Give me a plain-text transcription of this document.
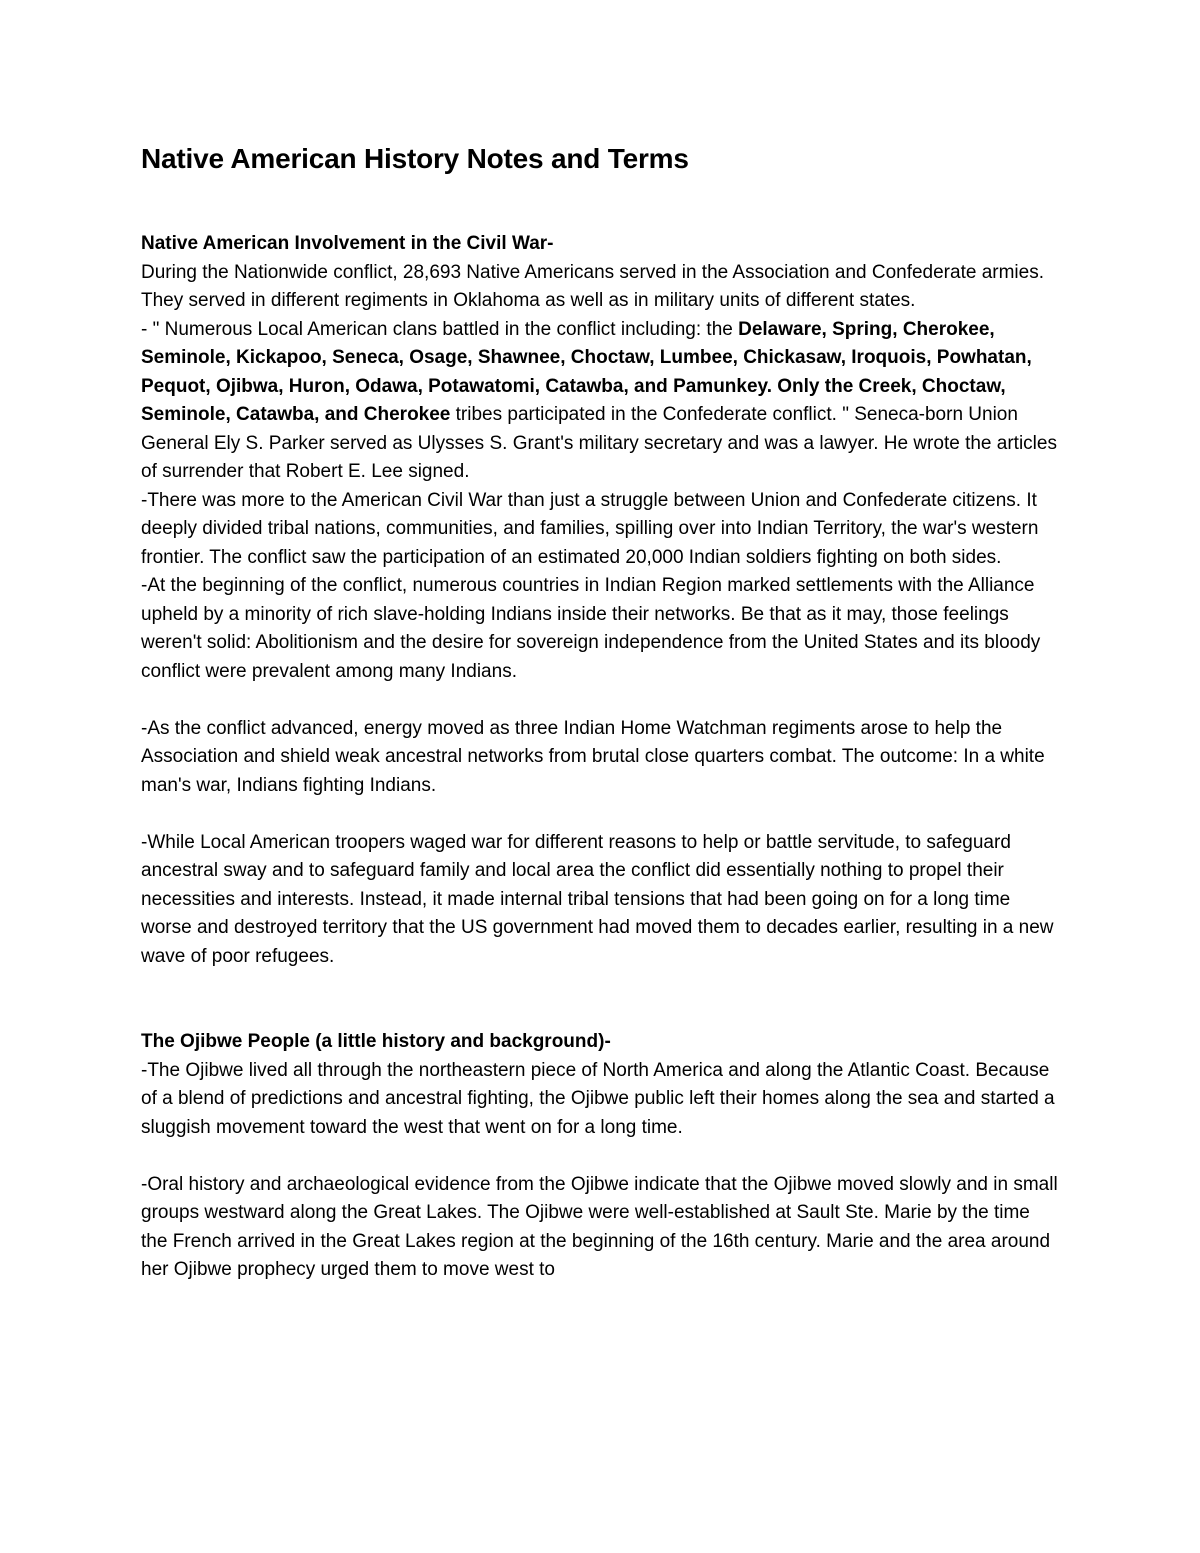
Native American History Notes and Terms

Native American Involvement in the Civil War-

During the Nationwide conflict, 28,693 Native Americans served in the Association and Confederate armies. They served in different regiments in Oklahoma as well as in military units of different states.

- " Numerous Local American clans battled in the conflict including: the Delaware, Spring, Cherokee, Seminole, Kickapoo, Seneca, Osage, Shawnee, Choctaw, Lumbee, Chickasaw, Iroquois, Powhatan, Pequot, Ojibwa, Huron, Odawa, Potawatomi, Catawba, and Pamunkey. Only the Creek, Choctaw, Seminole, Catawba, and Cherokee tribes participated in the Confederate conflict. " Seneca-born Union General Ely S. Parker served as Ulysses S. Grant's military secretary and was a lawyer. He wrote the articles of surrender that Robert E. Lee signed.

-There was more to the American Civil War than just a struggle between Union and Confederate citizens. It deeply divided tribal nations, communities, and families, spilling over into Indian Territory, the war's western frontier. The conflict saw the participation of an estimated 20,000 Indian soldiers fighting on both sides.

-At the beginning of the conflict, numerous countries in Indian Region marked settlements with the Alliance upheld by a minority of rich slave-holding Indians inside their networks. Be that as it may, those feelings weren't solid: Abolitionism and the desire for sovereign independence from the United States and its bloody conflict were prevalent among many Indians.

-As the conflict advanced, energy moved as three Indian Home Watchman regiments arose to help the Association and shield weak ancestral networks from brutal close quarters combat. The outcome: In a white man's war, Indians fighting Indians.

-While Local American troopers waged war for different reasons to help or battle servitude, to safeguard ancestral sway and to safeguard family and local area the conflict did essentially nothing to propel their necessities and interests. Instead, it made internal tribal tensions that had been going on for a long time worse and destroyed territory that the US government had moved them to decades earlier, resulting in a new wave of poor refugees.

The Ojibwe People (a little history and background)-

-The Ojibwe lived all through the northeastern piece of North America and along the Atlantic Coast. Because of a blend of predictions and ancestral fighting, the Ojibwe public left their homes along the sea and started a sluggish movement toward the west that went on for a long time.

-Oral history and archaeological evidence from the Ojibwe indicate that the Ojibwe moved slowly and in small groups westward along the Great Lakes. The Ojibwe were well-established at Sault Ste. Marie by the time the French arrived in the Great Lakes region at the beginning of the 16th century. Marie and the area around her Ojibwe prophecy urged them to move west to
